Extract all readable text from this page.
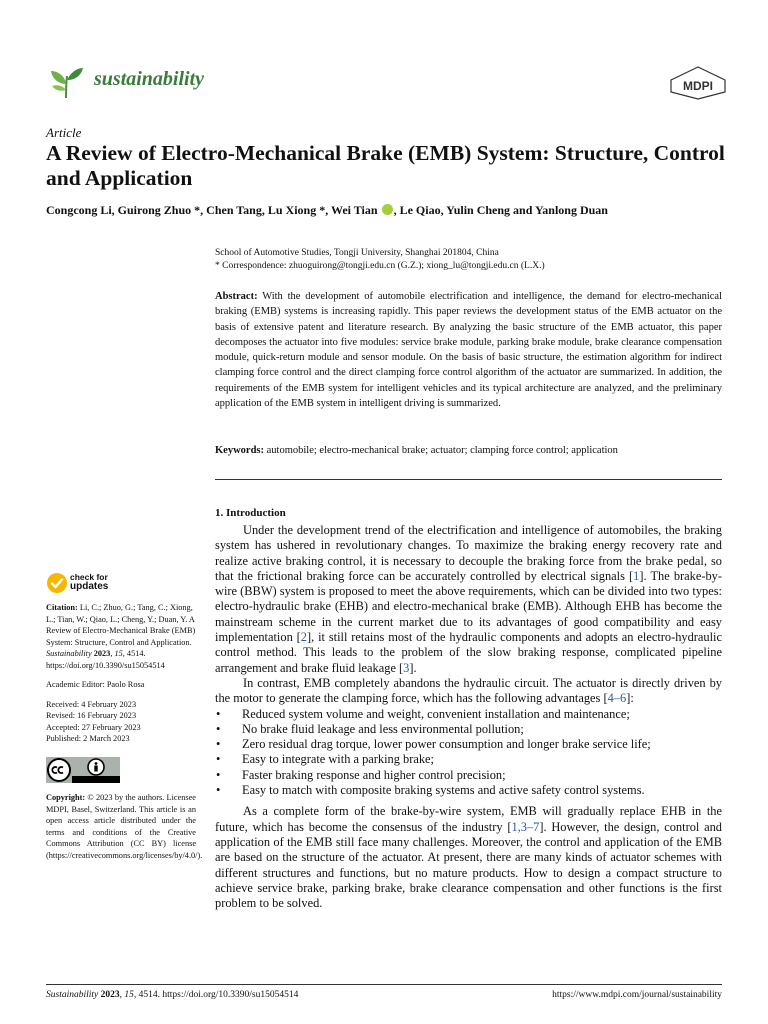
sustainability	MDPI
Article
A Review of Electro-Mechanical Brake (EMB) System: Structure, Control and Application
Congcong Li, Guirong Zhuo *, Chen Tang, Lu Xiong *, Wei Tian , Le Qiao, Yulin Cheng and Yanlong Duan
School of Automotive Studies, Tongji University, Shanghai 201804, China
* Correspondence: zhuoguirong@tongji.edu.cn (G.Z.); xiong_lu@tongji.edu.cn (L.X.)
Abstract: With the development of automobile electrification and intelligence, the demand for electro-mechanical braking (EMB) systems is increasing rapidly. This paper reviews the development status of the EMB actuator on the basis of extensive patent and literature research. By analyzing the basic structure of the EMB actuator, this paper decomposes the actuator into five modules: service brake module, parking brake module, brake clearance compensation module, quick-return module and sensor module. On the basis of basic structure, the estimation algorithm for indirect clamping force control and the direct clamping force control algorithm of the actuator are summarized. In addition, the requirements of the EMB system for intelligent vehicles and its typical architecture are analyzed, and the preliminary application of the EMB system in intelligent driving is summarized.
Keywords: automobile; electro-mechanical brake; actuator; clamping force control; application
check for
updates
Citation: Li, C.; Zhuo, G.; Tang, C.; Xiong, L.; Tian, W.; Qiao, L.; Cheng, Y.; Duan, Y. A Review of Electro-Mechanical Brake (EMB) System: Structure, Control and Application. Sustainability 2023, 15, 4514. https://doi.org/10.3390/su15054514
Academic Editor: Paolo Rosa

Received: 4 February 2023

Revised: 16 February 2023

Accepted: 27 February 2023

Published: 2 March 2023

Copyright: © 2023 by the authors. Licensee MDPI, Basel, Switzerland. This article is an open access article distributed under the terms and conditions of the Creative Commons Attribution (CC BY) license (https://creativecommons.org/licenses/by/4.0/).
1. Introduction

Under the development trend of the electrification and intelligence of automobiles, the braking system has ushered in revolutionary changes. To maximize the braking energy recovery rate and realize active braking control, it is necessary to decouple the braking force from the brake pedal, so that the frictional braking force can be accurately controlled by electrical signals [1]. The brake-by-wire (BBW) system is proposed to meet the above requirements, which can be divided into two types: electro-hydraulic brake (EHB) and electro-mechanical brake (EMB). Although EHB has become the mainstream scheme in the current market due to its advantages of good compatibility and easy implementation [2], it still retains most of the hydraulic components and adopts an electro-hydraulic control method. This leads to the problem of the slow braking response, complicated pipeline arrangement and brake fluid leakage [3].

In contrast, EMB completely abandons the hydraulic circuit. The actuator is directly driven by the motor to generate the clamping force, which has the following advantages [4–6]:

• Reduced system volume and weight, convenient installation and maintenance;
• No brake fluid leakage and less environmental pollution;
• Zero residual drag torque, lower power consumption and longer brake service life;
• Easy to integrate with a parking brake;
• Faster braking response and higher control precision;
• Easy to match with composite braking systems and active safety control systems.

As a complete form of the brake-by-wire system, EMB will gradually replace EHB in the future, which has become the consensus of the industry [1,3–7]. However, the design, control and application of the EMB still face many challenges. Moreover, the control and application of the EMB are based on the structure of the actuator. At present, there are many kinds of actuator schemes with different structures and functions, but no mature products. How to design a compact structure to achieve service brake, parking brake, brake clearance compensation and other functions is the first problem to be solved.

Sustainability 2023, 15, 4514. https://doi.org/10.3390/su15054514	https://www.mdpi.com/journal/sustainability
